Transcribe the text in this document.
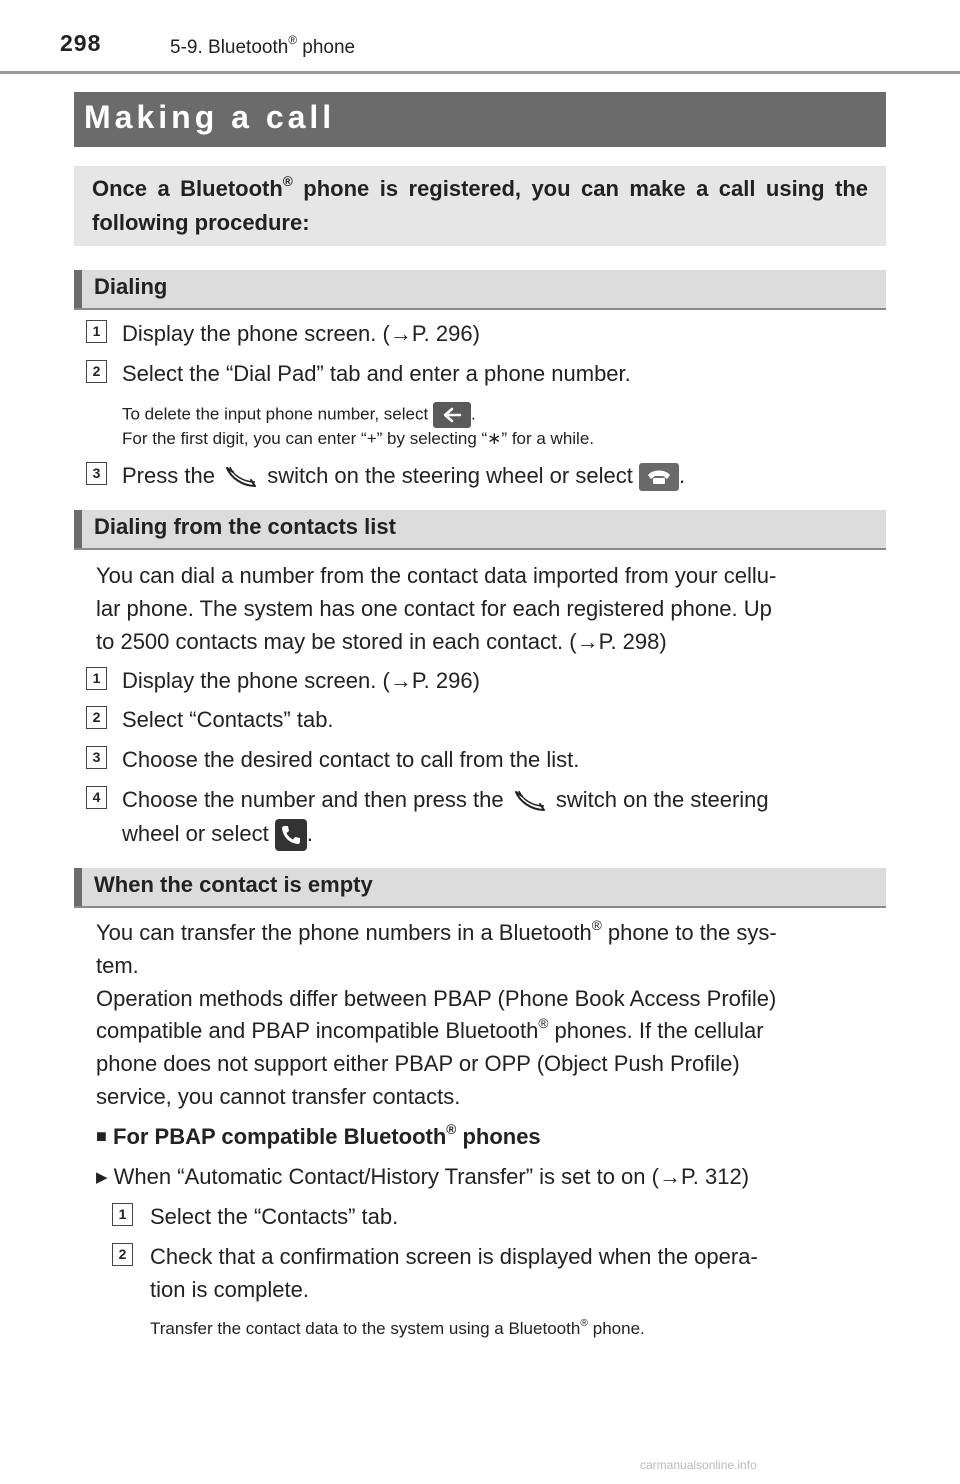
298	5-9. Bluetooth® phone
Making a call

Once a Bluetooth® phone is registered, you can make a call using the following procedure:

Dialing
1 Display the phone screen. (→P. 296)
2 Select the “Dial Pad” tab and enter a phone number.
To delete the input phone number, select	.
For the first digit, you can enter “+” by selecting “∗” for a while.
3 Press the switch on the steering wheel or select .
Dialing from the contacts list
You can dial a number from the contact data imported from your cellu-
lar phone. The system has one contact for each registered phone. Up
to 2500 contacts may be stored in each contact. (→P. 298)
1 Display the phone screen. (→P. 296)
2 Select “Contacts” tab.
3 Choose the desired contact to call from the list.
4 Choose the number and then press the switch on the steering
wheel or select .
When the contact is empty
You can transfer the phone numbers in a Bluetooth® phone to the sys-
tem.
Operation methods differ between PBAP (Phone Book Access Profile)
compatible and PBAP incompatible Bluetooth® phones. If the cellular
phone does not support either PBAP or OPP (Object Push Profile)
service, you cannot transfer contacts.
■ For PBAP compatible Bluetooth® phones
▶ When “Automatic Contact/History Transfer” is set to on (→P. 312)
1	Select the “Contacts” tab.
2	Check that a confirmation screen is displayed when the opera-
tion is complete.
Transfer the contact data to the system using a Bluetooth® phone.
carmanualsonline.info
